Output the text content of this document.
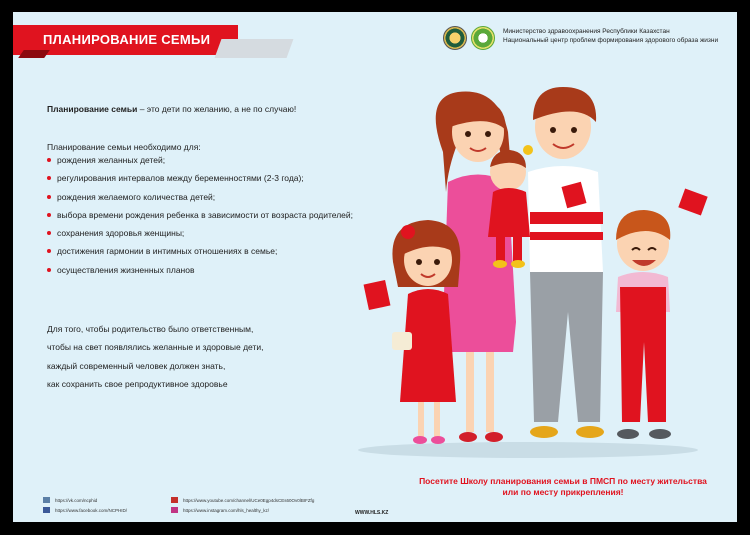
ПЛАНИРОВАНИЕ СЕМЬИ
Министерство здравоохранения Республики Казахстан
Национальный центр проблем формирования здорового образа жизни
Планирование семьи – это дети по желанию, а не по случаю!
Планирование семьи необходимо для:
рождения желанных детей;
регулирования интервалов между беременностями (2-3 года);
рождения желаемого количества детей;
выбора времени рождения ребенка в зависимости от возраста родителей;
сохранения здоровья женщины;
достижения гармонии в интимных отношениях в семье;
осуществления жизненных планов
Для того, чтобы родительство было ответственным,
чтобы на свет появлялись желанные и здоровые дети,
каждый современный человек должен знать,
как сохранить свое репродуктивное здоровье
Посетите Школу планирования семьи в ПМСП по месту жительства
или по месту прикрепления!
https://vk.com/ncphid
https://www.facebook.com/NCPHID/
https://www.youtube.com/channel/UCe0Egp4dsCEs60Ov0lBIFZfg
https://www.instagram.com/hls_healthy_kz/	WWW.HLS.KZ
